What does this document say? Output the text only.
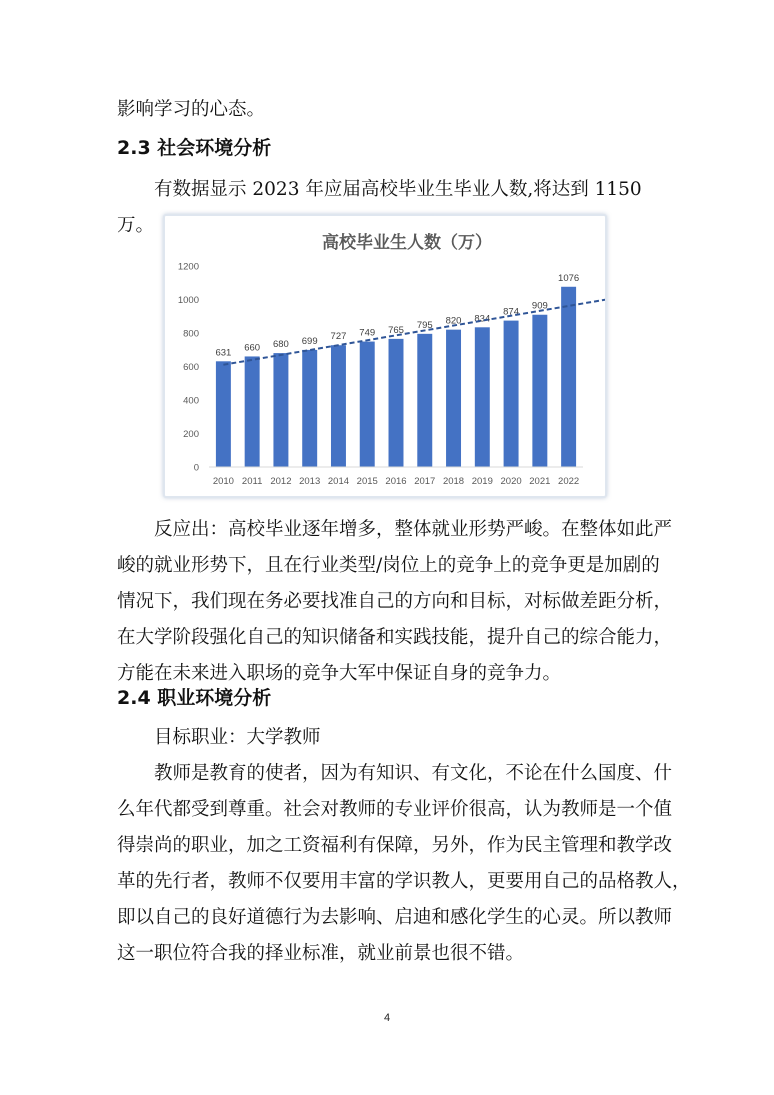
影响学习的心态。

2.3 社会环境分析

有数据显示 2023 年应届高校毕业生毕业人数,将达到 1150 万。

高校毕业生人数（万）
0
200
400
600
800
1000
1200
631 660 680 699 727 749 765 795 820 834
874
909
1076
2010 2011 2012 2013 2014 2015 2016 2017 2018 2019 2020 2021 2022
反应出：高校毕业逐年增多，整体就业形势严峻。在整体如此严
峻的就业形势下，且在行业类型/岗位上的竞争上的竞争更是加剧的
情况下，我们现在务必要找准自己的方向和目标，对标做差距分析，
在大学阶段强化自己的知识储备和实践技能，提升自己的综合能力，
方能在未来进入职场的竞争大军中保证自身的竞争力。
2.4 职业环境分析

目标职业：大学教师

教师是教育的使者，因为有知识、有文化，不论在什么国度、什
么年代都受到尊重。社会对教师的专业评价很高，认为教师是一个值
得崇尚的职业，加之工资福利有保障，另外，作为民主管理和教学改
革的先行者，教师不仅要用丰富的学识教人，更要用自己的品格教人，
即以自己的良好道德行为去影响、启迪和感化学生的心灵。所以教师
这一职位符合我的择业标准，就业前景也很不错。
4
